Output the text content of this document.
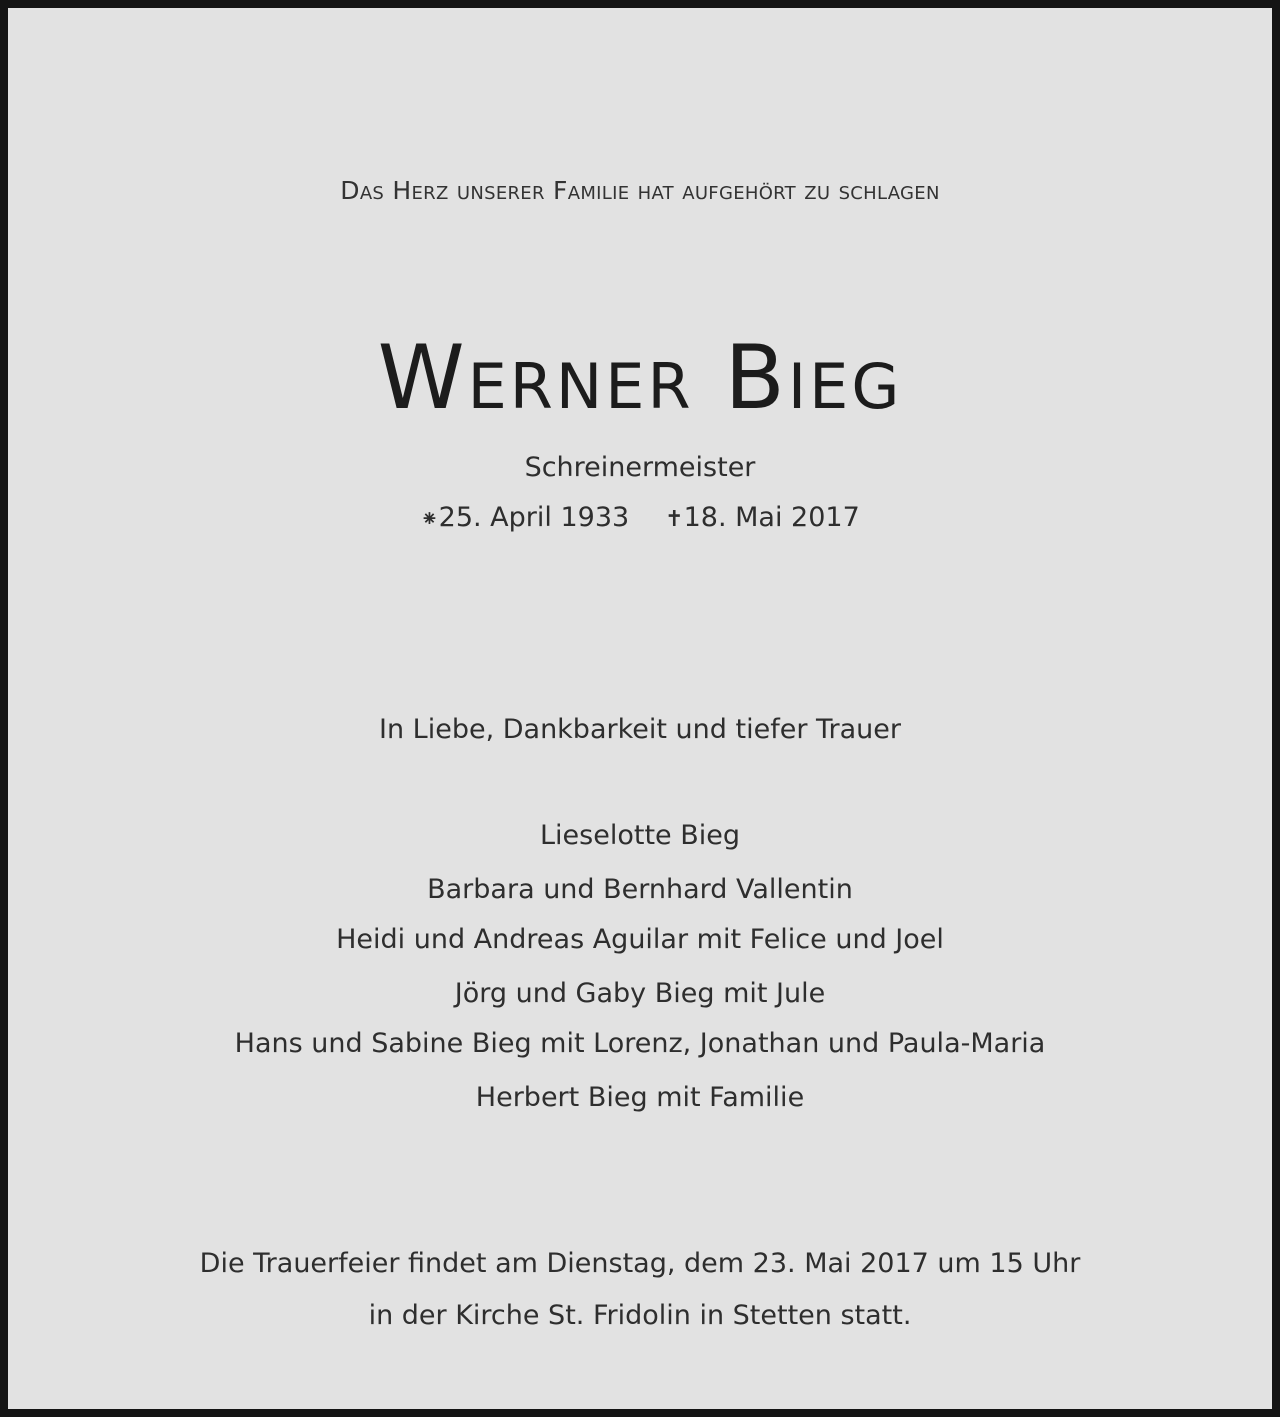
Das Herz unserer Familie hat aufgehört zu schlagen
Werner Bieg
Schreinermeister
⁕25. April 1933 ✝18. Mai 2017
In Liebe, Dankbarkeit und tiefer Trauer
Lieselotte Bieg
Barbara und Bernhard Vallentin
Heidi und Andreas Aguilar mit Felice und Joel
Jörg und Gaby Bieg mit Jule
Hans und Sabine Bieg mit Lorenz, Jonathan und Paula-Maria
Herbert Bieg mit Familie
Die Trauerfeier findet am Dienstag, dem 23. Mai 2017 um 15 Uhr
in der Kirche St. Fridolin in Stetten statt.
